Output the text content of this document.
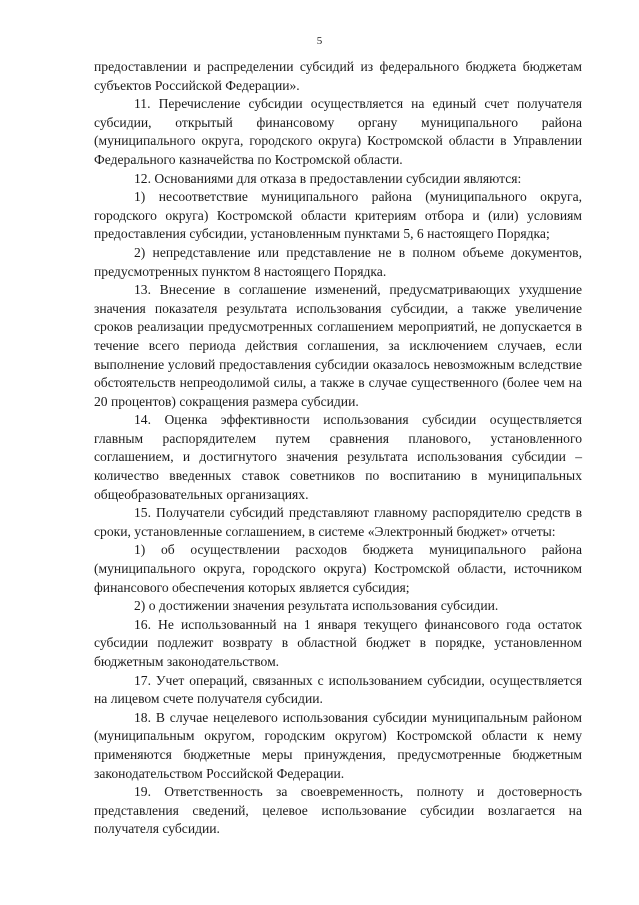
5

предоставлении и распределении субсидий из федерального бюджета бюджетам субъектов Российской Федерации».

11. Перечисление субсидии осуществляется на единый счет получателя субсидии, открытый финансовому органу муниципального района (муниципального округа, городского округа) Костромской области в Управлении Федерального казначейства по Костромской области.

12. Основаниями для отказа в предоставлении субсидии являются:

1) несоответствие муниципального района (муниципального округа, городского округа) Костромской области критериям отбора и (или) условиям предоставления субсидии, установленным пунктами 5, 6 настоящего Порядка;

2) непредставление или представление не в полном объеме документов, предусмотренных пунктом 8 настоящего Порядка.

13. Внесение в соглашение изменений, предусматривающих ухудшение значения показателя результата использования субсидии, а также увеличение сроков реализации предусмотренных соглашением мероприятий, не допускается в течение всего периода действия соглашения, за исключением случаев, если выполнение условий предоставления субсидии оказалось невозможным вследствие обстоятельств непреодолимой силы, а также в случае существенного (более чем на 20 процентов) сокращения размера субсидии.

14. Оценка эффективности использования субсидии осуществляется главным распорядителем путем сравнения планового, установленного соглашением, и достигнутого значения результата использования субсидии – количество введенных ставок советников по воспитанию в муниципальных общеобразовательных организациях.

15. Получатели субсидий представляют главному распорядителю средств в сроки, установленные соглашением, в системе «Электронный бюджет» отчеты:

1) об осуществлении расходов бюджета муниципального района (муниципального округа, городского округа) Костромской области, источником финансового обеспечения которых является субсидия;

2) о достижении значения результата использования субсидии.

16. Не использованный на 1 января текущего финансового года остаток субсидии подлежит возврату в областной бюджет в порядке, установленном бюджетным законодательством.

17. Учет операций, связанных с использованием субсидии, осуществляется на лицевом счете получателя субсидии.

18. В случае нецелевого использования субсидии муниципальным районом (муниципальным округом, городским округом) Костромской области к нему применяются бюджетные меры принуждения, предусмотренные бюджетным законодательством Российской Федерации.

19. Ответственность за своевременность, полноту и достоверность представления сведений, целевое использование субсидии возлагается на получателя субсидии.
